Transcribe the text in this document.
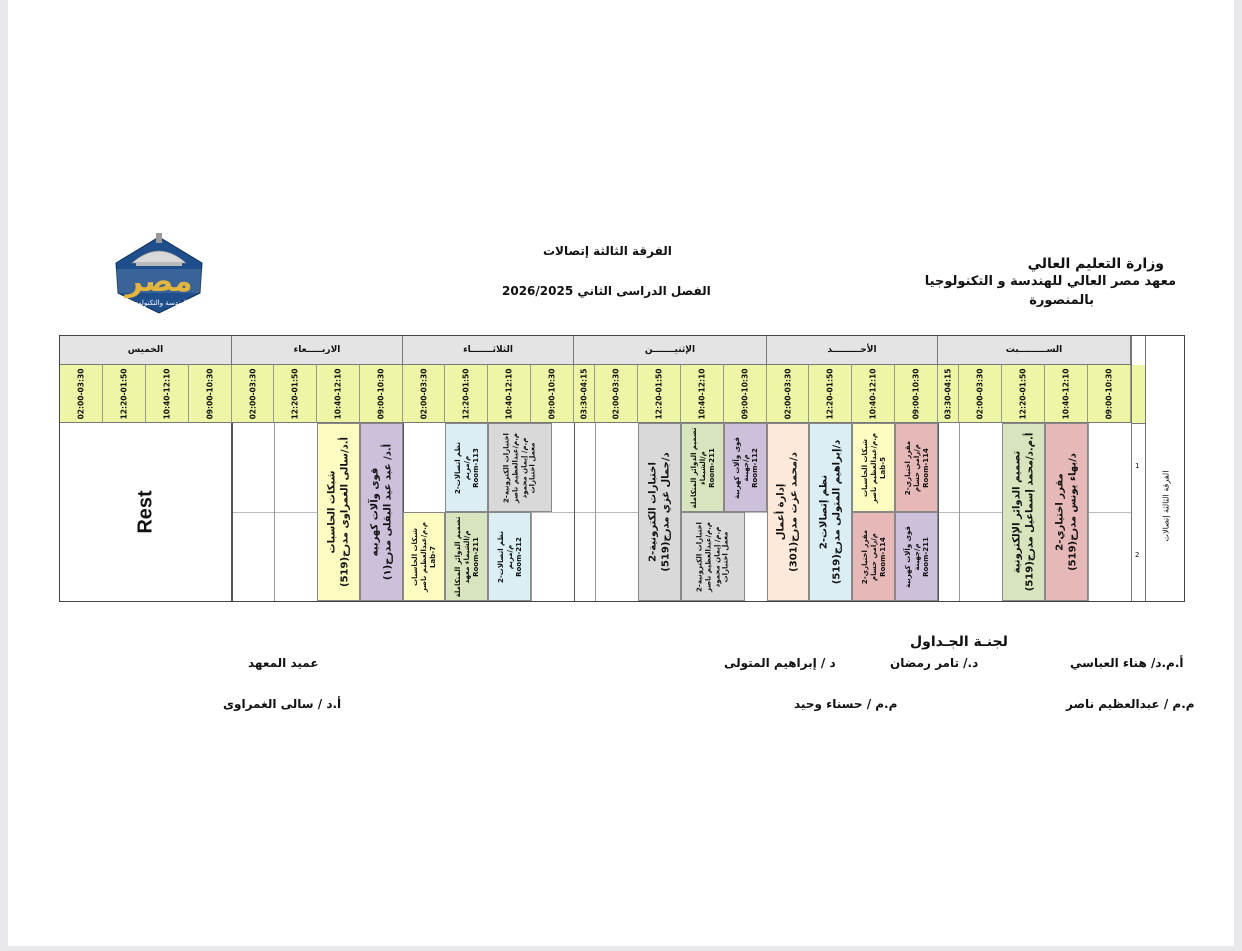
وزارة التعليم العالي
معهد مصر العالي للهندسة و التكنولوجيا
بالمنصورة
الفرقة الثالثة إتصالات
الفصل الدراسى الثاني 2026/2025
مصر
للهندسة والتكنولوجيا
الفرقة الثالثة إتصالات
1
2
الســـــــــبت
الأحـــــــــد
الإثنيـــــــن
الثلاثـــــــاء
الاربـــــعاء
الخميس
09:00-10:30
10:40-12:10
12:20-01:50
02:00-03:30
03:30-04:15
09:00-10:30
10:40-12:10
12:20-01:50
02:00-03:30
09:00-10:30
10:40-12:10
12:20-01:50
02:00-03:30
03:30-04:15
09:00-10:30
10:40-12:10
12:20-01:50
02:00-03:30
09:00-10:30
10:40-12:10
12:20-01:50
02:00-03:30
09:00-10:30
10:40-12:10
12:20-01:50
02:00-03:30
مقرر اختياري-2
د/بهاء يونس مدرج(519)
تصميم الدوائر الإلكترونية
أ.م.د/محمد إسماعيل مدرج(519)
مقرر اختياري-2 م/رامي حسام Room-114
شبكات الحاسبات م.م/عبدالعظيم ناصر Lab-5
قوى وآلات كهربية م/جهينة Room-211
مقرر اختياري-2 م/رامي حسام Room-114
نظم إتصالات-2
د/إبراهيم المتولى مدرج(519)
إدارة أعمال
د/محمد عزت مدرج(301)
قوى وآلات كهربية م/جهينة Room-112
تصميم الدوائر المتكاملة م/الشيماء Room-211
اختبارات الكترونية-2 م.م/عبدالعظيم ناصر م.م/ إيمان محمود معمل اختبارات
اختبارات الكترونية-2
د/جمال غزي مدرج(519)
اختبارات الكترونية-2 م.م/عبدالعظيم ناصر م.م/ إيمان محمود معمل اختبارات
نظم اتصالات-2 م/مريم Room-113
نظم اتصالات-2 م/مريم Room-212
تصميم الدوائر المتكاملة م/الشيماء معهد Room-211
شبكات الحاسبات م.م/عبدالعظيم ناصر Lab-7
قوى وآلات كهربيه
أ.د/ عبد عيد البقلى مدرج(١)
شبكات الحاسبات
أ.د/سالى الغمراوى مدرج(519)
Rest
لجنـة الجـداول
أ.م.د/ هناء العباسي
د./ تامر رمضان
د / إبراهيم المتولى
م.م / عبدالعظيم ناصر
م.م / حسناء وحيد
عميد المعهد
أ.د / سالى الغمراوى
